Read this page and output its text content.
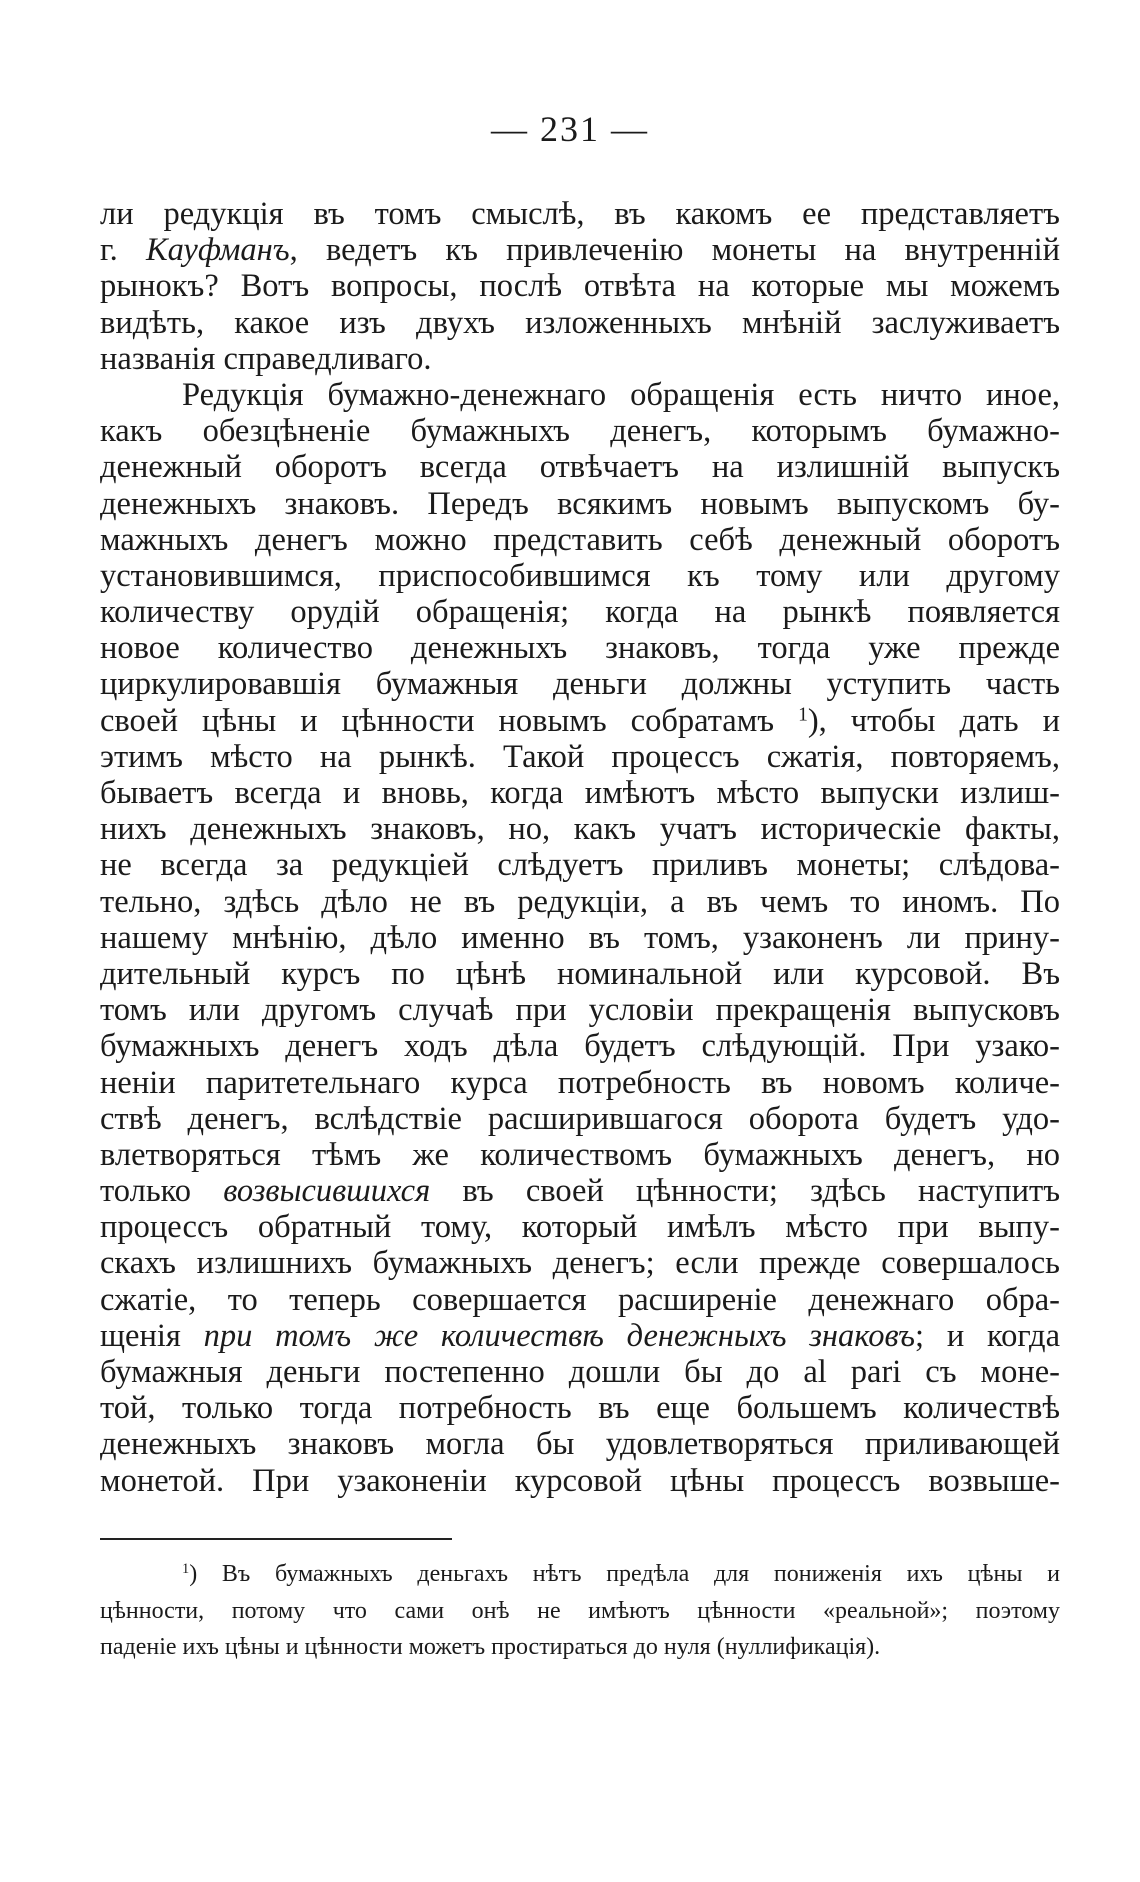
— 231 —
ли редукція въ томъ смыслѣ, въ какомъ ее представляетъ
г. Кауфманъ, ведетъ къ привлеченію монеты на внутренній
рынокъ? Вотъ вопросы, послѣ отвѣта на которые мы можемъ
видѣть, какое изъ двухъ изложенныхъ мнѣній заслуживаетъ
названія справедливаго.
Редукція бумажно-денежнаго обращенія есть ничто иное,
какъ обезцѣненіе бумажныхъ денегъ, которымъ бумажно-
денежный оборотъ всегда отвѣчаетъ на излишній выпускъ
денежныхъ знаковъ. Передъ всякимъ новымъ выпускомъ бу-
мажныхъ денегъ можно представить себѣ денежный оборотъ
установившимся, приспособившимся къ тому или другому
количеству орудій обращенія; когда на рынкѣ появляется
новое количество денежныхъ знаковъ, тогда уже прежде
циркулировавшія бумажныя деньги должны уступить часть
своей цѣны и цѣнности новымъ собратамъ $^1$), чтобы дать и
этимъ мѣсто на рынкѣ. Такой процессъ сжатія, повторяемъ,
бываетъ всегда и вновь, когда имѣютъ мѣсто выпуски излиш-
нихъ денежныхъ знаковъ, но, какъ учатъ историческіе факты,
не всегда за редукціей слѣдуетъ приливъ монеты; слѣдова-
тельно, здѣсь дѣло не въ редукціи, а въ чемъ то иномъ. По
нашему мнѣнію, дѣло именно въ томъ, узаконенъ ли прину-
дительный курсъ по цѣнѣ номинальной или курсовой. Въ
томъ или другомъ случаѣ при условіи прекращенія выпусковъ
бумажныхъ денегъ ходъ дѣла будетъ слѣдующій. При узако-
неніи паритетельнаго курса потребность въ новомъ количе-
ствѣ денегъ, вслѣдствіе расширившагося оборота будетъ удо-
влетворяться тѣмъ же количествомъ бумажныхъ денегъ, но
только возвысившихся въ своей цѣнности; здѣсь наступитъ
процессъ обратный тому, который имѣлъ мѣсто при выпу-
скахъ излишнихъ бумажныхъ денегъ; если прежде совершалось
сжатіе, то теперь совершается расширеніе денежнаго обра-
щенія при томъ же количествѣ денежныхъ знаковъ; и когда
бумажныя деньги постепенно дошли бы до al pari съ моне-
той, только тогда потребность въ еще большемъ количествѣ
денежныхъ знаковъ могла бы удовлетворяться приливающей
монетой. При узаконеніи курсовой цѣны процессъ возвыше-
$^1$) Въ бумажныхъ деньгахъ нѣтъ предѣла для пониженія ихъ цѣны и
цѣнности, потому что сами онѣ не имѣютъ цѣнности «реальной»; поэтому
паденіе ихъ цѣны и цѣнности можетъ простираться до нуля (нуллификація).
